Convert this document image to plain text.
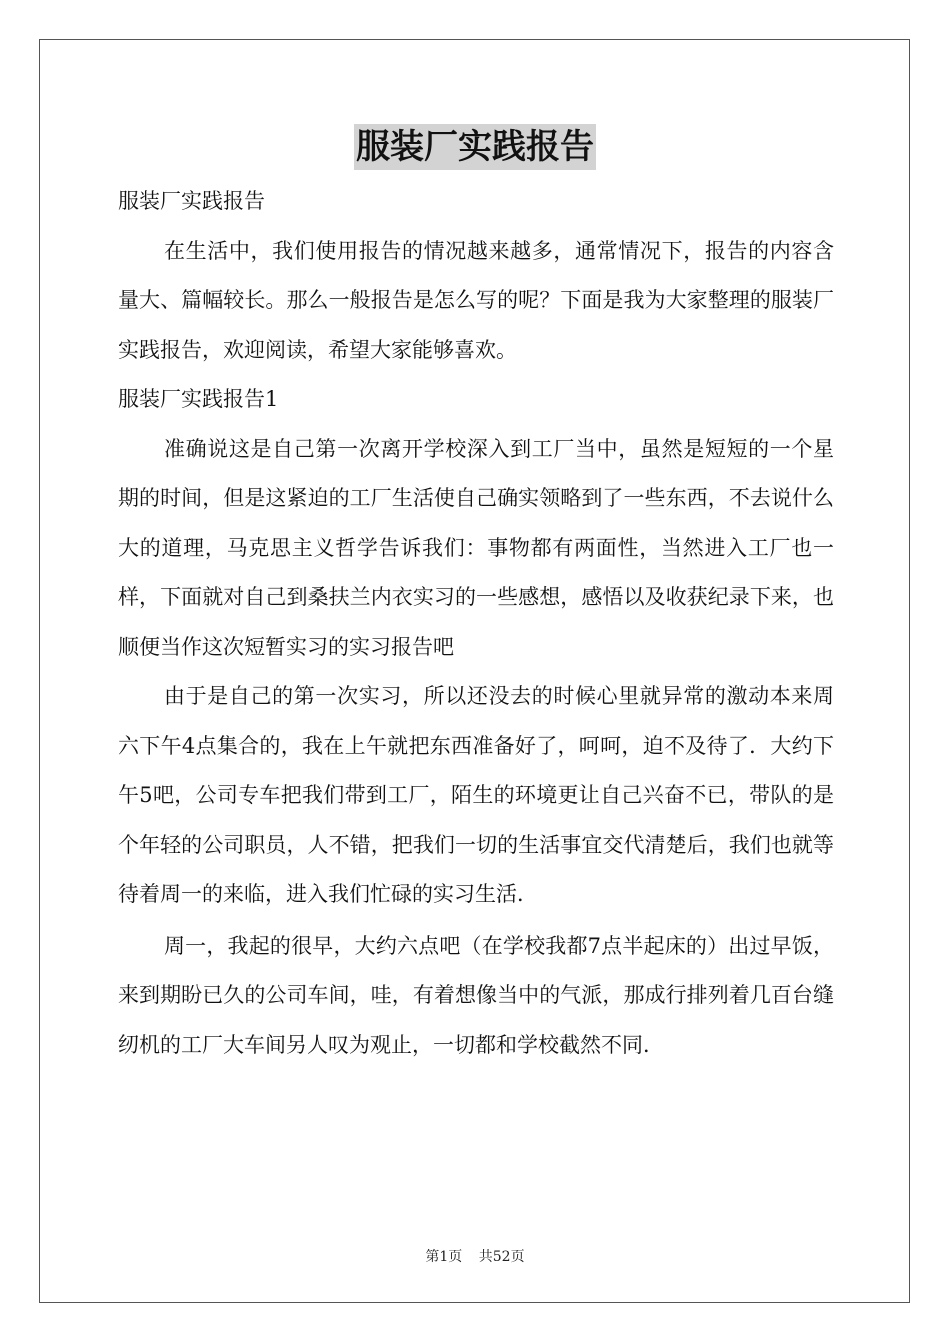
服装厂实践报告

服装厂实践报告

在生活中，我们使用报告的情况越来越多，通常情况下，报告的内容含量大、篇幅较长。那么一般报告是怎么写的呢？下面是我为大家整理的服装厂实践报告，欢迎阅读，希望大家能够喜欢。

服装厂实践报告1

准确说这是自己第一次离开学校深入到工厂当中，虽然是短短的一个星期的时间，但是这紧迫的工厂生活使自己确实领略到了一些东西，不去说什么大的道理，马克思主义哲学告诉我们：事物都有两面性，当然进入工厂也一样，下面就对自己到桑扶兰内衣实习的一些感想，感悟以及收获纪录下来，也顺便当作这次短暂实习的实习报告吧

由于是自己的第一次实习，所以还没去的时候心里就异常的激动本来周六下午4点集合的，我在上午就把东西准备好了，呵呵，迫不及待了．大约下午5吧，公司专车把我们带到工厂，陌生的环境更让自己兴奋不已，带队的是个年轻的公司职员，人不错，把我们一切的生活事宜交代清楚后，我们也就等待着周一的来临，进入我们忙碌的实习生活．

周一，我起的很早，大约六点吧（在学校我都7点半起床的）出过早饭，来到期盼已久的公司车间，哇，有着想像当中的气派，那成行排列着几百台缝纫机的工厂大车间另人叹为观止，一切都和学校截然不同．

第1页 共52页
